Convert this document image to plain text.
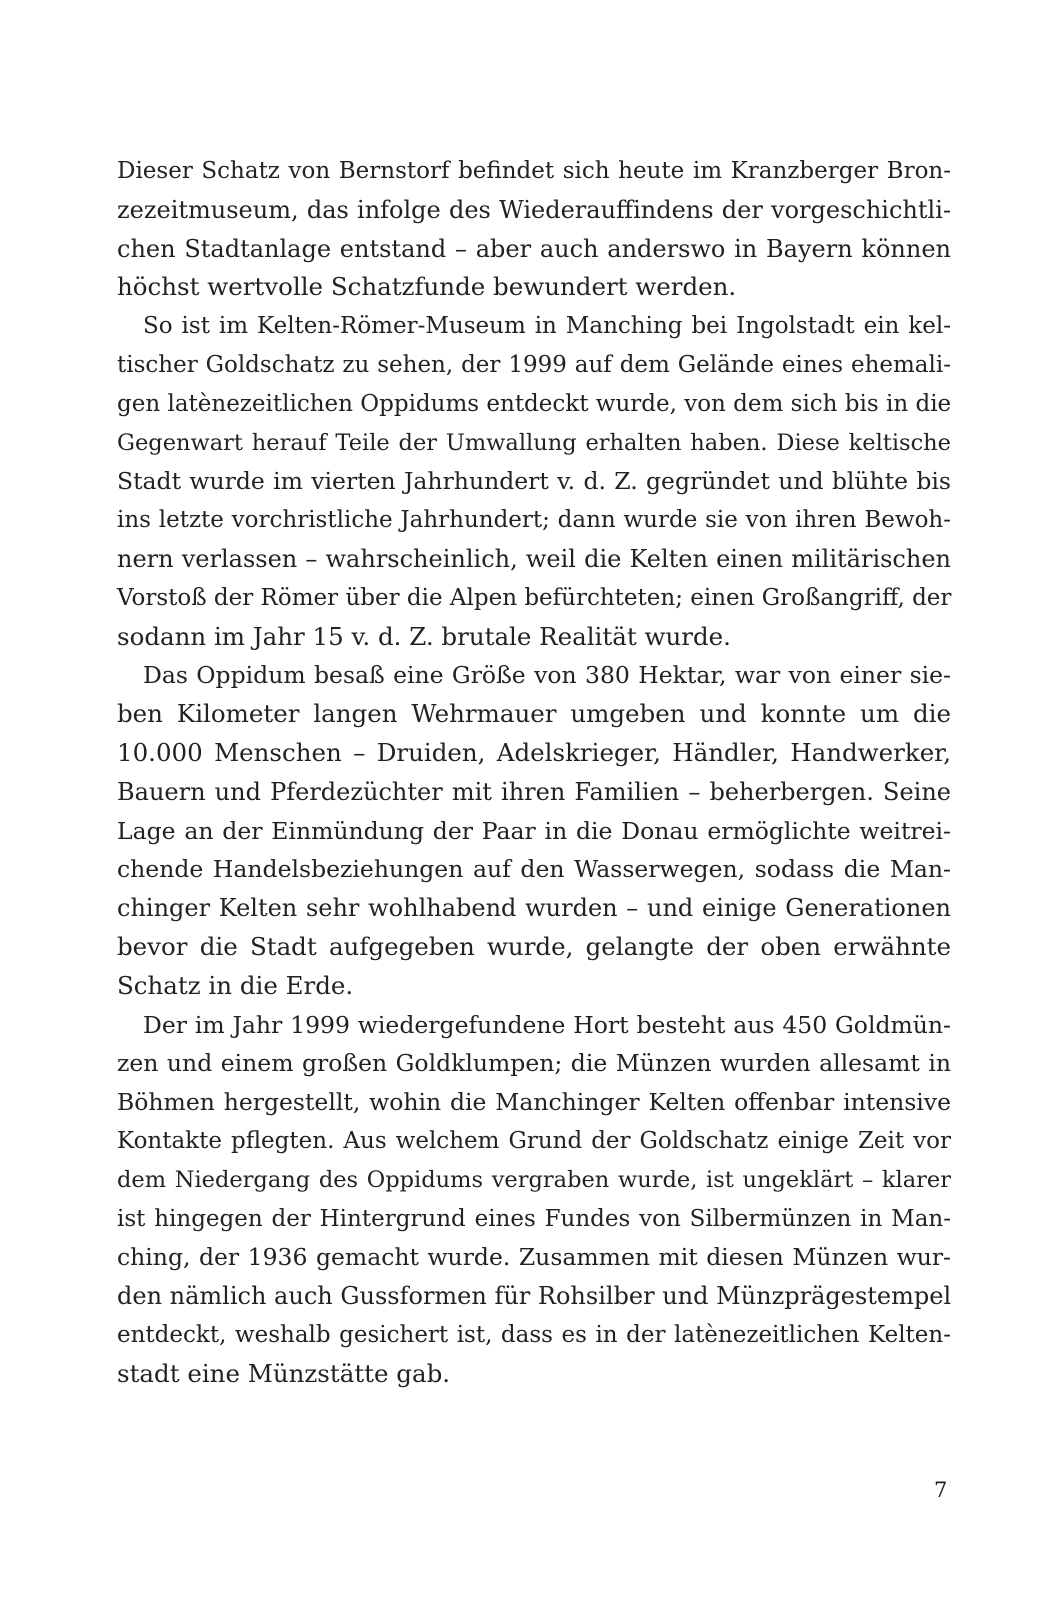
Dieser Schatz von Bernstorf befindet sich heute im Kranzberger Bron-
zezeitmuseum, das infolge des Wiederauffindens der vorgeschichtli-
chen Stadtanlage entstand – aber auch anderswo in Bayern können
höchst wertvolle Schatzfunde bewundert werden.
So ist im Kelten-Römer-Museum in Manching bei Ingolstadt ein kel-
tischer Goldschatz zu sehen, der 1999 auf dem Gelände eines ehemali-
gen latènezeitlichen Oppidums entdeckt wurde, von dem sich bis in die
Gegenwart herauf Teile der Umwallung erhalten haben. Diese keltische
Stadt wurde im vierten Jahrhundert v. d. Z. gegründet und blühte bis
ins letzte vorchristliche Jahrhundert; dann wurde sie von ihren Bewoh-
nern verlassen – wahrscheinlich, weil die Kelten einen militärischen
Vorstoß der Römer über die Alpen befürchteten; einen Großangriff, der
sodann im Jahr 15 v. d. Z. brutale Realität wurde.
Das Oppidum besaß eine Größe von 380 Hektar, war von einer sie-
ben Kilometer langen Wehrmauer umgeben und konnte um die
10.000 Menschen – Druiden, Adelskrieger, Händler, Handwerker,
Bauern und Pferdezüchter mit ihren Familien – beherbergen. Seine
Lage an der Einmündung der Paar in die Donau ermöglichte weitrei-
chende Handelsbeziehungen auf den Wasserwegen, sodass die Man-
chinger Kelten sehr wohlhabend wurden – und einige Generationen
bevor die Stadt aufgegeben wurde, gelangte der oben erwähnte
Schatz in die Erde.
Der im Jahr 1999 wiedergefundene Hort besteht aus 450 Goldmün-
zen und einem großen Goldklumpen; die Münzen wurden allesamt in
Böhmen hergestellt, wohin die Manchinger Kelten offenbar intensive
Kontakte pflegten. Aus welchem Grund der Goldschatz einige Zeit vor
dem Niedergang des Oppidums vergraben wurde, ist ungeklärt – klarer
ist hingegen der Hintergrund eines Fundes von Silbermünzen in Man-
ching, der 1936 gemacht wurde. Zusammen mit diesen Münzen wur-
den nämlich auch Gussformen für Rohsilber und Münzprägestempel
entdeckt, weshalb gesichert ist, dass es in der latènezeitlichen Kelten-
stadt eine Münzstätte gab.
7
